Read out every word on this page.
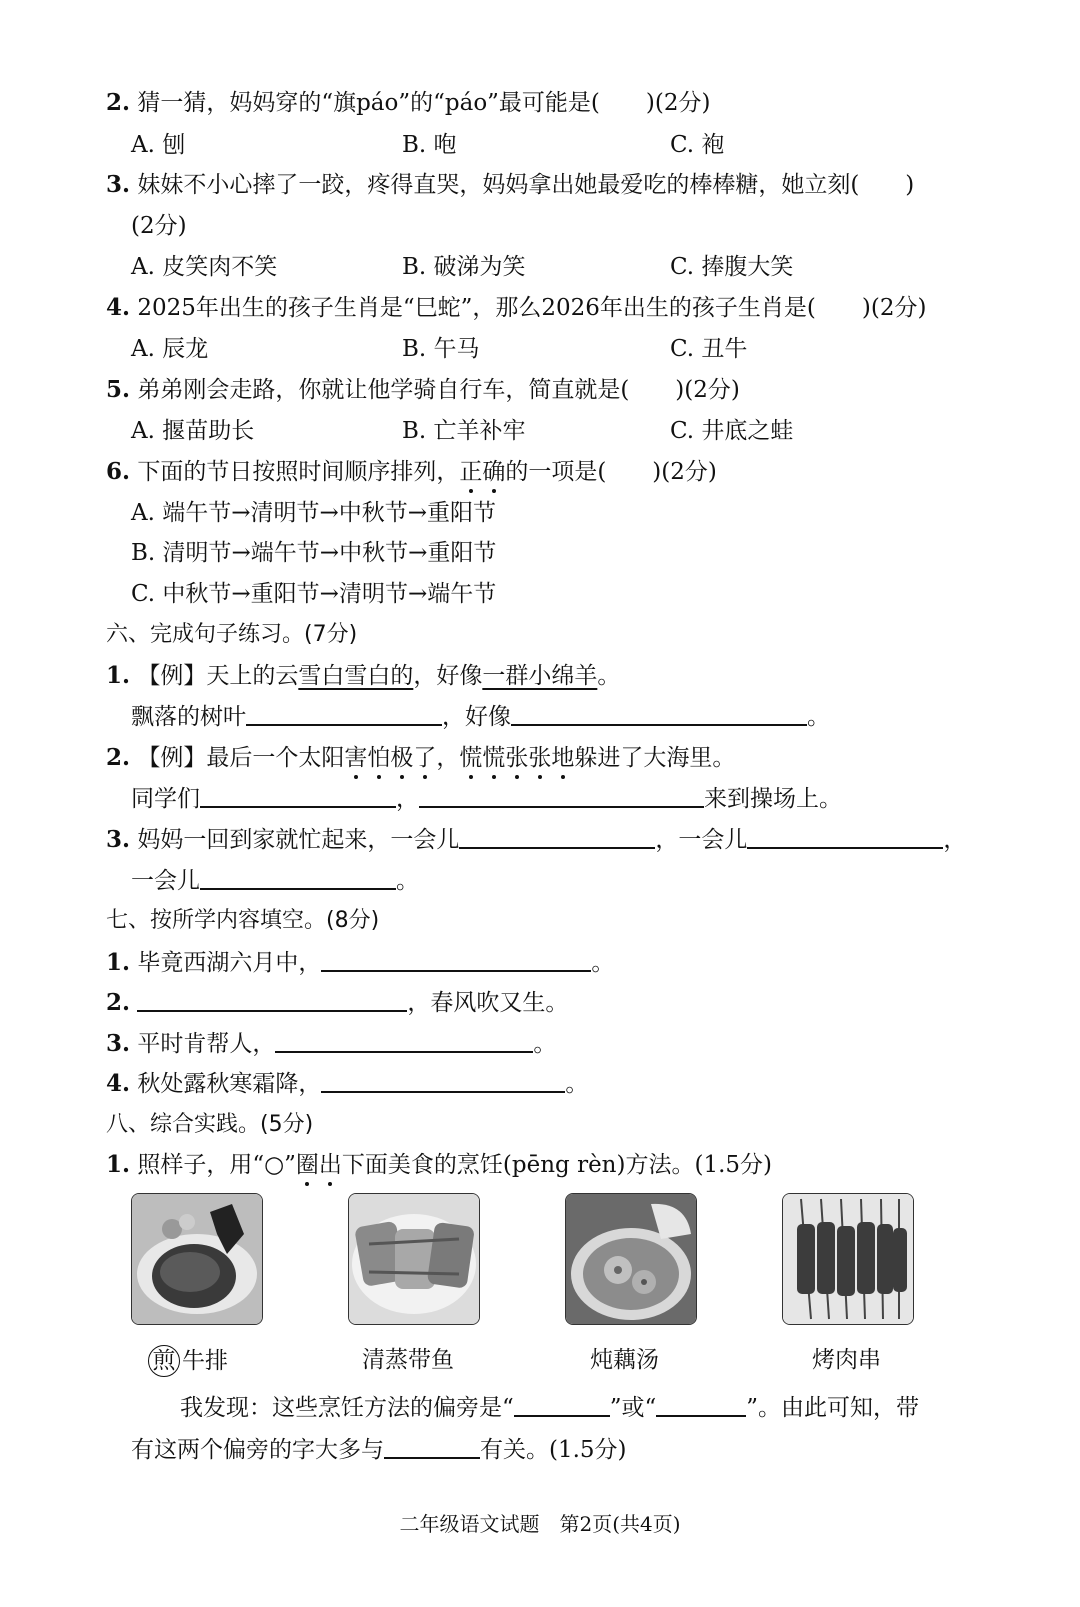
2. 猜一猜，妈妈穿的“旗páo”的“páo”最可能是(　　)(2分)
A. 刨	B. 咆	C. 袍
3. 妹妹不小心摔了一跤，疼得直哭，妈妈拿出她最爱吃的棒棒糖，她立刻(　　)
(2分)
A. 皮笑肉不笑	B. 破涕为笑	C. 捧腹大笑
4. 2025年出生的孩子生肖是“巳蛇”，那么2026年出生的孩子生肖是(　　)(2分)
A. 辰龙	B. 午马	C. 丑牛
5. 弟弟刚会走路，你就让他学骑自行车，简直就是(　　)(2分)
A. 揠苗助长	B. 亡羊补牢	C. 井底之蛙
6. 下面的节日按照时间顺序排列，正确的一项是(　　)(2分)
A. 端午节→清明节→中秋节→重阳节
B. 清明节→端午节→中秋节→重阳节
C. 中秋节→重阳节→清明节→端午节
六、完成句子练习。(7分)
1. 【例】天上的云雪白雪白的，好像一群小绵羊。
飘落的树叶	，好像	。
2. 【例】最后一个太阳害怕极了，慌慌张张地躲进了大海里。
同学们	，	来到操场上。
3. 妈妈一回到家就忙起来，一会儿	，一会儿	，
一会儿	。
七、按所学内容填空。(8分)
1. 毕竟西湖六月中，	。
2.	，春风吹又生。
3. 平时肯帮人，	。
4. 秋处露秋寒霜降，	。
八、综合实践。(5分)
1. 照样子，用“○”圈出下面美食的烹饪(pēng rèn)方法。(1.5分)
煎 牛排	清蒸带鱼	炖藕汤	烤肉串
我发现：这些烹饪方法的偏旁是“	”或“	”。由此可知，带
有这两个偏旁的字大多与	有关。(1.5分)
二年级语文试题　第2页(共4页)
